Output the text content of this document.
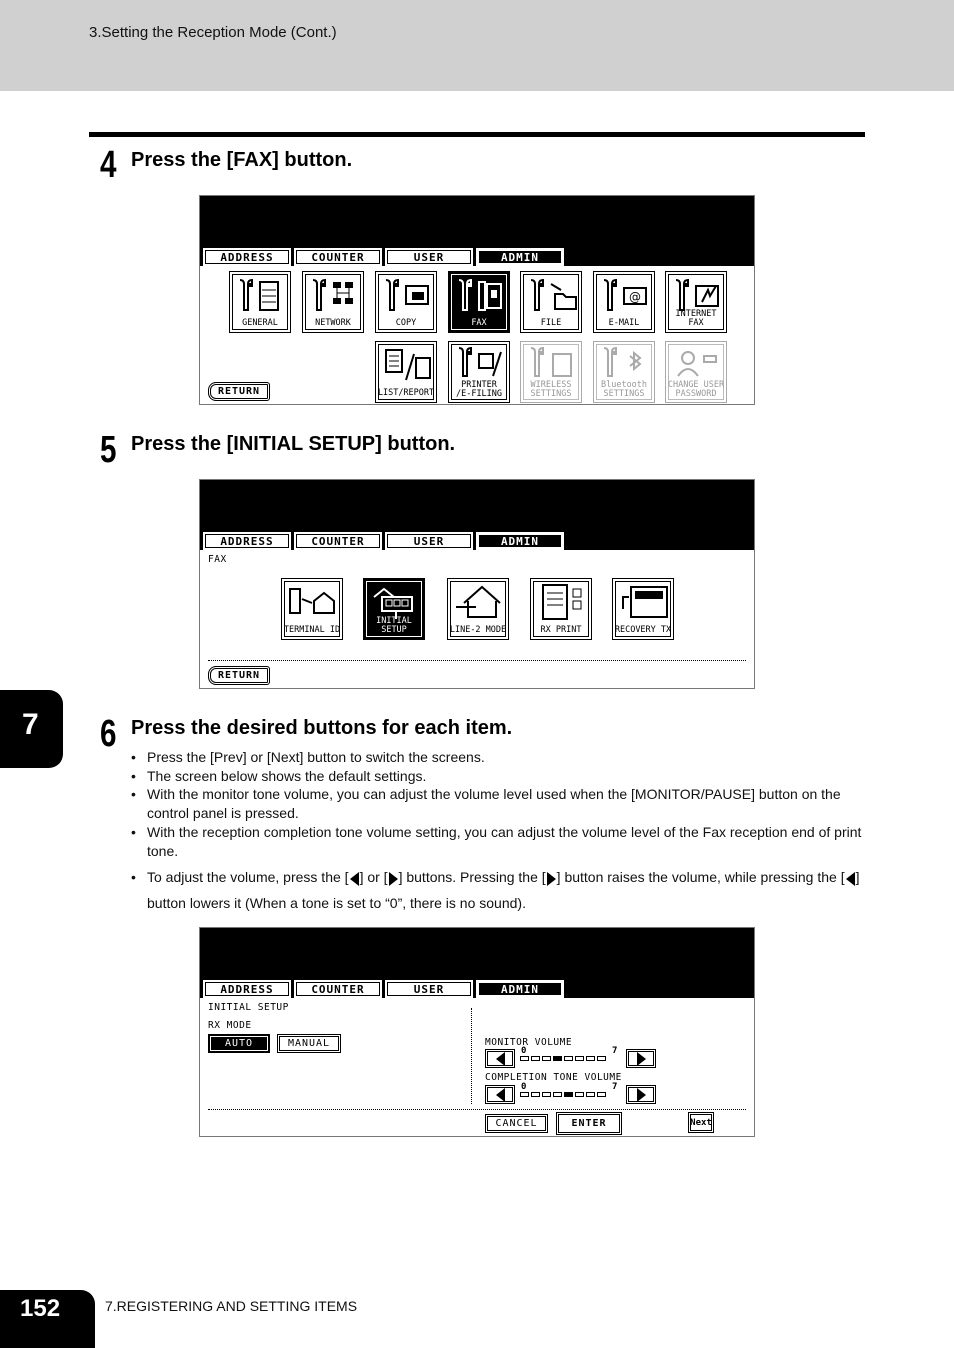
3.Setting the Reception Mode (Cont.)
7
4 Press the [FAX] button.
ADDRESS	COUNTER	USER	ADMIN
GENERAL	NETWORK	COPY	FAX	FILE
@
E-MAIL
INTERNET FAX
LIST/REPORT
PRINTER
/E-FILING
WIRELESS
SETTINGS
Bluetooth
SETTINGS
CHANGE USER
PASSWORD
RETURN
5 Press the [INITIAL SETUP] button.
ADDRESS	COUNTER	USER	ADMIN
FAX
TERMINAL ID
INITIAL SETUP	LINE-2 MODE	RX PRINT	RECOVERY TX
RETURN
6 Press the desired buttons for each item.
• Press the [Prev] or [Next] button to switch the screens.
• The screen below shows the default settings.
• With the monitor tone volume, you can adjust the volume level used when the [MONITOR/PAUSE] button on the control panel is pressed.
• With the reception completion tone volume setting, you can adjust the volume level of the Fax reception end of print tone.
• To adjust the volume, press the [ ] or [ ] buttons. Pressing the [ ] button raises the volume, while pressing the [ ] button lowers it (When a tone is set to “0”, there is no sound).
ADDRESS	COUNTER	USER	ADMIN
INITIAL SETUP
RX MODE
AUTO	MANUAL	MONITOR VOLUME
0	7
COMPLETION TONE VOLUME
0	7
CANCEL	ENTER	Next
152	7.REGISTERING AND SETTING ITEMS
